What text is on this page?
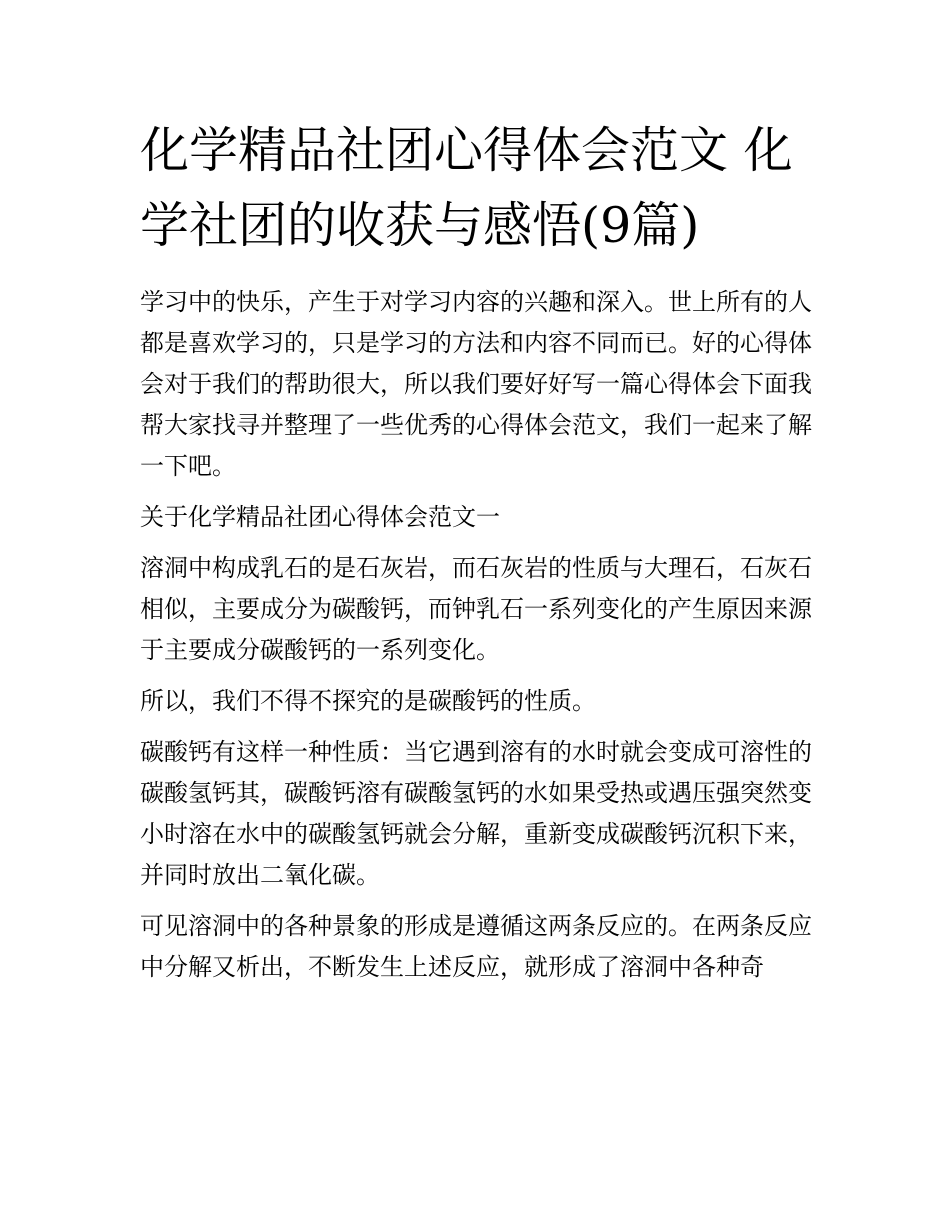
化学精品社团心得体会范文 化学社团的收获与感悟(9篇)

学习中的快乐，产生于对学习内容的兴趣和深入。世上所有的人都是喜欢学习的，只是学习的方法和内容不同而已。好的心得体会对于我们的帮助很大，所以我们要好好写一篇心得体会下面我帮大家找寻并整理了一些优秀的心得体会范文，我们一起来了解一下吧。

关于化学精品社团心得体会范文一

溶洞中构成乳石的是石灰岩，而石灰岩的性质与大理石，石灰石相似，主要成分为碳酸钙，而钟乳石一系列变化的产生原因来源于主要成分碳酸钙的一系列变化。

所以，我们不得不探究的是碳酸钙的性质。

碳酸钙有这样一种性质：当它遇到溶有的水时就会变成可溶性的碳酸氢钙其，碳酸钙溶有碳酸氢钙的水如果受热或遇压强突然变小时溶在水中的碳酸氢钙就会分解，重新变成碳酸钙沉积下来，并同时放出二氧化碳。

可见溶洞中的各种景象的形成是遵循这两条反应的。在两条反应中分解又析出，不断发生上述反应，就形成了溶洞中各种奇
